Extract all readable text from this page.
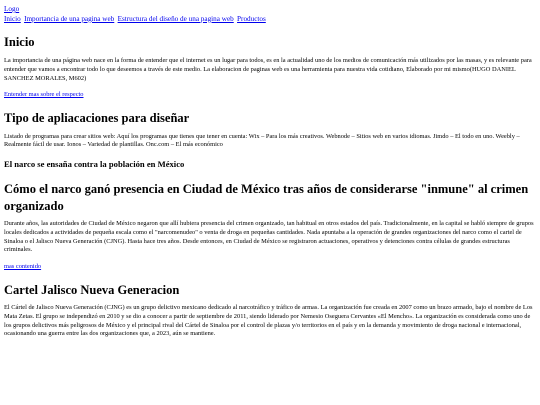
Logo
Inicio Importancia de una pagina web Estructura del diseño de una pagina web Productos
Inicio

La importancia de una página web nace en la forma de entender que el internet es un lugar para todos, es en la actualidad uno de los medios de comunicación más utilizados por las masas, y es relevante para entender que vamos a encontrar todo lo que deseemos a través de este medio. La elaboracion de paginas web es una herramienta para nuestra vida cotidiano, Elaborado por mi mismo(HUGO DANIEL SANCHEZ MORALES, M602)

Entender mas sobre el respecto
Tipo de apliacaciones para diseñar

Listado de programas para crear sitios web: Aquí los programas que tienes que tener en cuenta: Wix – Para los más creativos. Webnode – Sitios web en varios idiomas. Jimdo – El todo en uno. Weebly – Realmente fácil de usar. Ionos – Variedad de plantillas. Onc.com – El más económico

El narco se ensaña contra la población en México
Cómo el narco ganó presencia en Ciudad de México tras años de considerarse "inmune" al crimen organizado

Durante años, las autoridades de Ciudad de México negaron que allí hubiera presencia del crimen organizado, tan habitual en otros estados del país. Tradicionalmente, en la capital se habló siempre de grupos locales dedicados a actividades de pequeña escala como el "narcomenudeo" o venta de droga en pequeñas cantidades. Nada apuntaba a la operación de grandes organizaciones del narco como el cartel de Sinaloa o el Jalisco Nueva Generación (CJNG). Hasta hace tres años. Desde entonces, en Ciudad de México se registraron actuaciones, operativos y detenciones contra células de grandes estructuras criminales.

mas contenido
Cartel Jalisco Nueva Generacion

El Cártel de Jalisco Nueva Generación (CJNG) es un grupo delictivo mexicano dedicado al narcotráfico y tráfico de armas. La organización fue creada en 2007 como un brazo armado, bajo el nombre de Los Mata Zetas. El grupo se independizó en 2010 y se dio a conocer a partir de septiembre de 2011, siendo liderado por Nemesio Oseguera Cervantes «El Mencho». La organización es considerada como uno de los grupos delictivos más peligrosos de México y el principal rival del Cártel de Sinaloa por el control de plazas y/o territorios en el país y en la demanda y movimiento de droga nacional e internacional, ocasionando una guerra entre las dos organizaciones que, a 2023, aún se mantiene.
